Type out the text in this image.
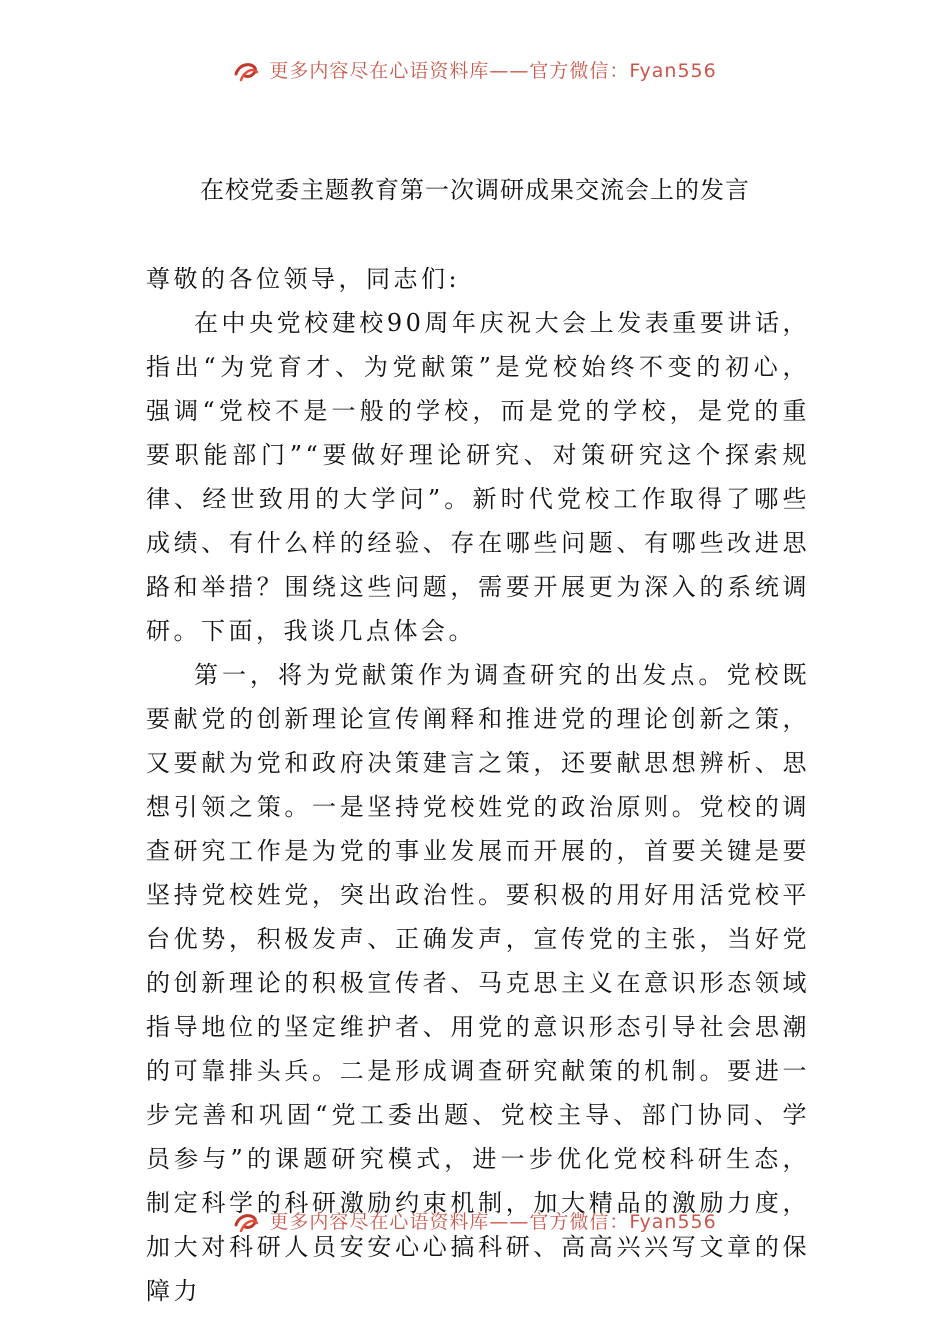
更多内容尽在心语资料库——官方微信：Fyan556
在校党委主题教育第一次调研成果交流会上的发言

尊敬的各位领导，同志们:

在中央党校建校90周年庆祝大会上发表重要讲话，指出“为党育才、为党献策”是党校始终不变的初心，强调“党校不是一般的学校，而是党的学校，是党的重要职能部门”“要做好理论研究、对策研究这个探索规律、经世致用的大学问”。新时代党校工作取得了哪些成绩、有什么样的经验、存在哪些问题、有哪些改进思路和举措？围绕这些问题，需要开展更为深入的系统调研。下面，我谈几点体会。

第一，将为党献策作为调查研究的出发点。党校既要献党的创新理论宣传阐释和推进党的理论创新之策，又要献为党和政府决策建言之策，还要献思想辨析、思想引领之策。一是坚持党校姓党的政治原则。党校的调查研究工作是为党的事业发展而开展的，首要关键是要坚持党校姓党，突出政治性。要积极的用好用活党校平台优势，积极发声、正确发声，宣传党的主张，当好党的创新理论的积极宣传者、马克思主义在意识形态领域指导地位的坚定维护者、用党的意识形态引导社会思潮的可靠排头兵。二是形成调查研究献策的机制。要进一步完善和巩固“党工委出题、党校主导、部门协同、学员参与”的课题研究模式，进一步优化党校科研生态，制定科学的科研激励约束机制，加大精品的激励力度，加大对科研人员安安心心搞科研、高高兴兴写文章的保障力

更多内容尽在心语资料库——官方微信：Fyan556
